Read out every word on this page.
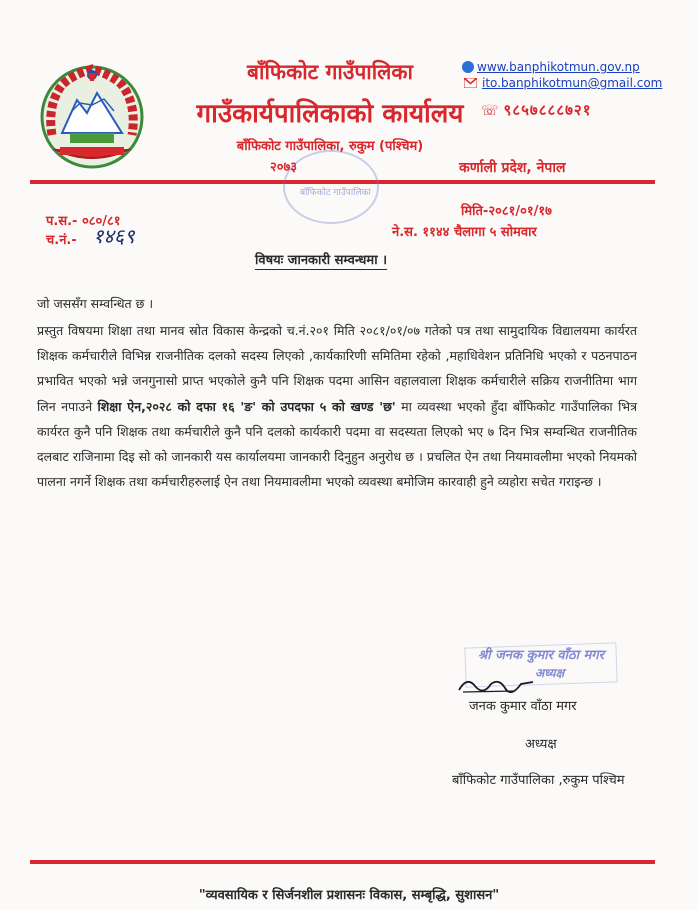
बाँफिकोट गाउँपालिका
गाउँकार्यपालिकाको कार्यालय
बाँफिकोट गाउँपालिका, रुकुम (पश्चिम)
२०७३
www.banphikotmun.gov.np
ito.banphikotmun@gmail.com
☏ ९८५७८८८७२१
कर्णाली प्रदेश, नेपाल
बाँफिकोट गाउँपालिका
प.स.- ०८०/८१
च.नं.- १४६९
मिति-२०८१/०१/१७
ने.स. ११४४ चैलागा ५ सोमवार
विषयः जानकारी सम्वन्धमा ।
जो जससँग सम्वन्धित छ ।
प्रस्तुत विषयमा शिक्षा तथा मानव स्रोत विकास केन्द्रको च.नं.२०१ मिति २०८१/०१/०७ गतेको पत्र तथा सामुदायिक विद्यालयमा कार्यरत शिक्षक कर्मचारीले विभिन्न राजनीतिक दलको सदस्य लिएको ,कार्यकारिणी समितिमा रहेको ,महाधिवेशन प्रतिनिधि भएको र पठनपाठन प्रभावित भएको भन्ने जनगुनासो प्राप्त भएकोले कुनै पनि शिक्षक पदमा आसिन वहालवाला शिक्षक कर्मचारीले सक्रिय राजनीतिमा भाग लिन नपाउने शिक्षा ऐन,२०२८ को दफा १६ 'ङ' को उपदफा ५ को खण्ड 'छ' मा व्यवस्था भएको हुँदा बाँफिकोट गाउँपालिका भित्र कार्यरत कुनै पनि शिक्षक तथा कर्मचारीले कुनै पनि दलको कार्यकारी पदमा वा सदस्यता लिएको भए ७ दिन भित्र सम्वन्धित राजनीतिक दलबाट राजिनामा दिइ सो को जानकारी यस कार्यालयमा जानकारी दिनुहुन अनुरोध छ । प्रचलित ऐन तथा नियमावलीमा भएको नियमको पालना नगर्ने शिक्षक तथा कर्मचारीहरुलाई ऐन तथा नियमावलीमा भएको व्यवस्था बमोजिम कारवाही हुने व्यहोरा सचेत गराइन्छ ।
श्री जनक कुमार वाँठा मगर
अध्यक्ष
जनक कुमार वाँठा मगर
अध्यक्ष
बाँफिकोट गाउँपालिका ,रुकुम पश्चिम
"व्यवसायिक र सिर्जनशील प्रशासनः विकास, सम्बृद्धि, सुशासन"
